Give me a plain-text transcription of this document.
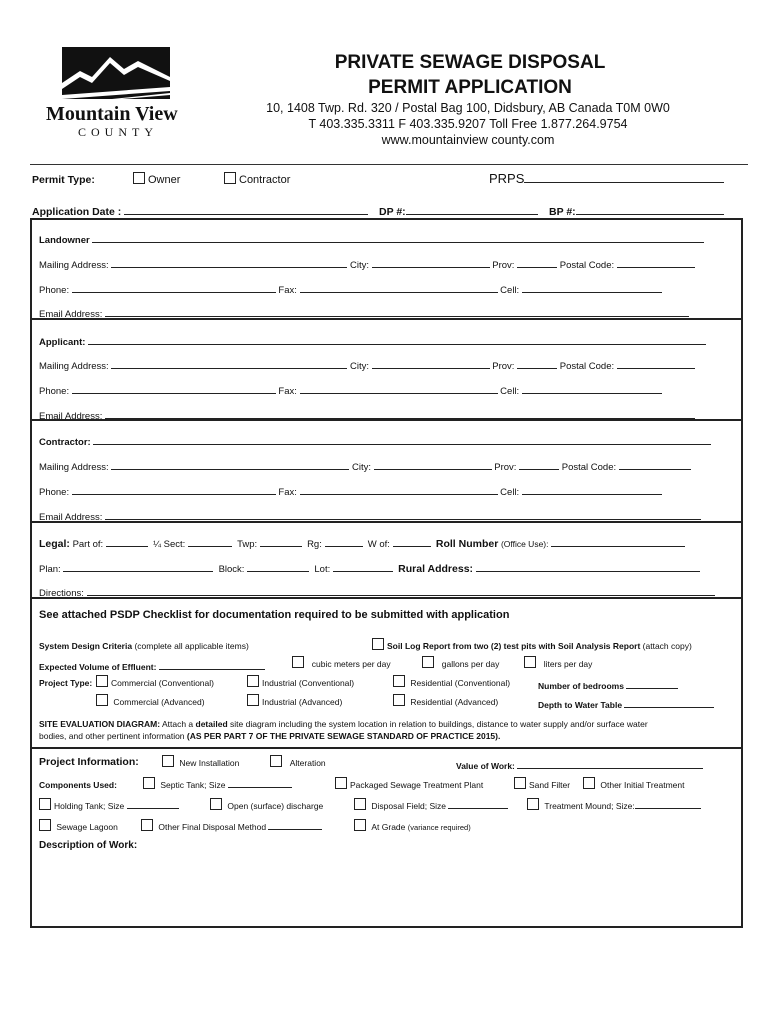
Mountain View
COUNTY
PRIVATE SEWAGE DISPOSAL
PERMIT APPLICATION
10, 1408 Twp. Rd. 320 / Postal Bag 100, Didsbury, AB Canada T0M 0W0
T 403.335.3311 F 403.335.9207 Toll Free 1.877.264.9754
www.mountainview county.com
Permit Type:	Owner	Contractor	PRPS
Application Date :	DP #:	BP #:
Landowner
Mailing Address:	City:	Prov:	Postal Code:
Phone:	Fax:	Cell:
Email Address:
Applicant:
Mailing Address:	City:	Prov:	Postal Code:
Phone:	Fax:	Cell:
Email Address:
Contractor:
Mailing Address:	City:	Prov:	Postal Code:
Phone:	Fax:	Cell:
Email Address:
Legal: Part of:	¼ Sect:	Twp:	Rg:	W of:	Roll Number (Office Use):
Plan:	Block:	Lot:	Rural Address:
Directions:
See attached PSDP Checklist for documentation required to be submitted with application
System Design Criteria (complete all applicable items)	Soil Log Report from two (2) test pits with Soil Analysis Report (attach copy)
Expected Volume of Effluent:	cubic meters per day	gallons per day	liters per day
Project Type:	Commercial (Conventional)	Industrial (Conventional)	Residential (Conventional)	Number of bedrooms
Commercial (Advanced)	Industrial (Advanced)	Residential (Advanced)	Depth to Water Table
SITE EVALUATION DIAGRAM: Attach a detailed site diagram including the system location in relation to buildings, distance to water supply and/or surface water
bodies, and other pertinent information (AS PER PART 7 OF THE PRIVATE SEWAGE STANDARD OF PRACTICE 2015).
Project Information:	New Installation	Alteration	Value of Work:
Components Used:	Septic Tank; Size	Packaged Sewage Treatment Plant	Sand Filter	Other Initial Treatment
Holding Tank; Size	Open (surface) discharge	Disposal Field; Size	Treatment Mound; Size:
Sewage Lagoon	Other Final Disposal Method	At Grade (variance required)
Description of Work:
